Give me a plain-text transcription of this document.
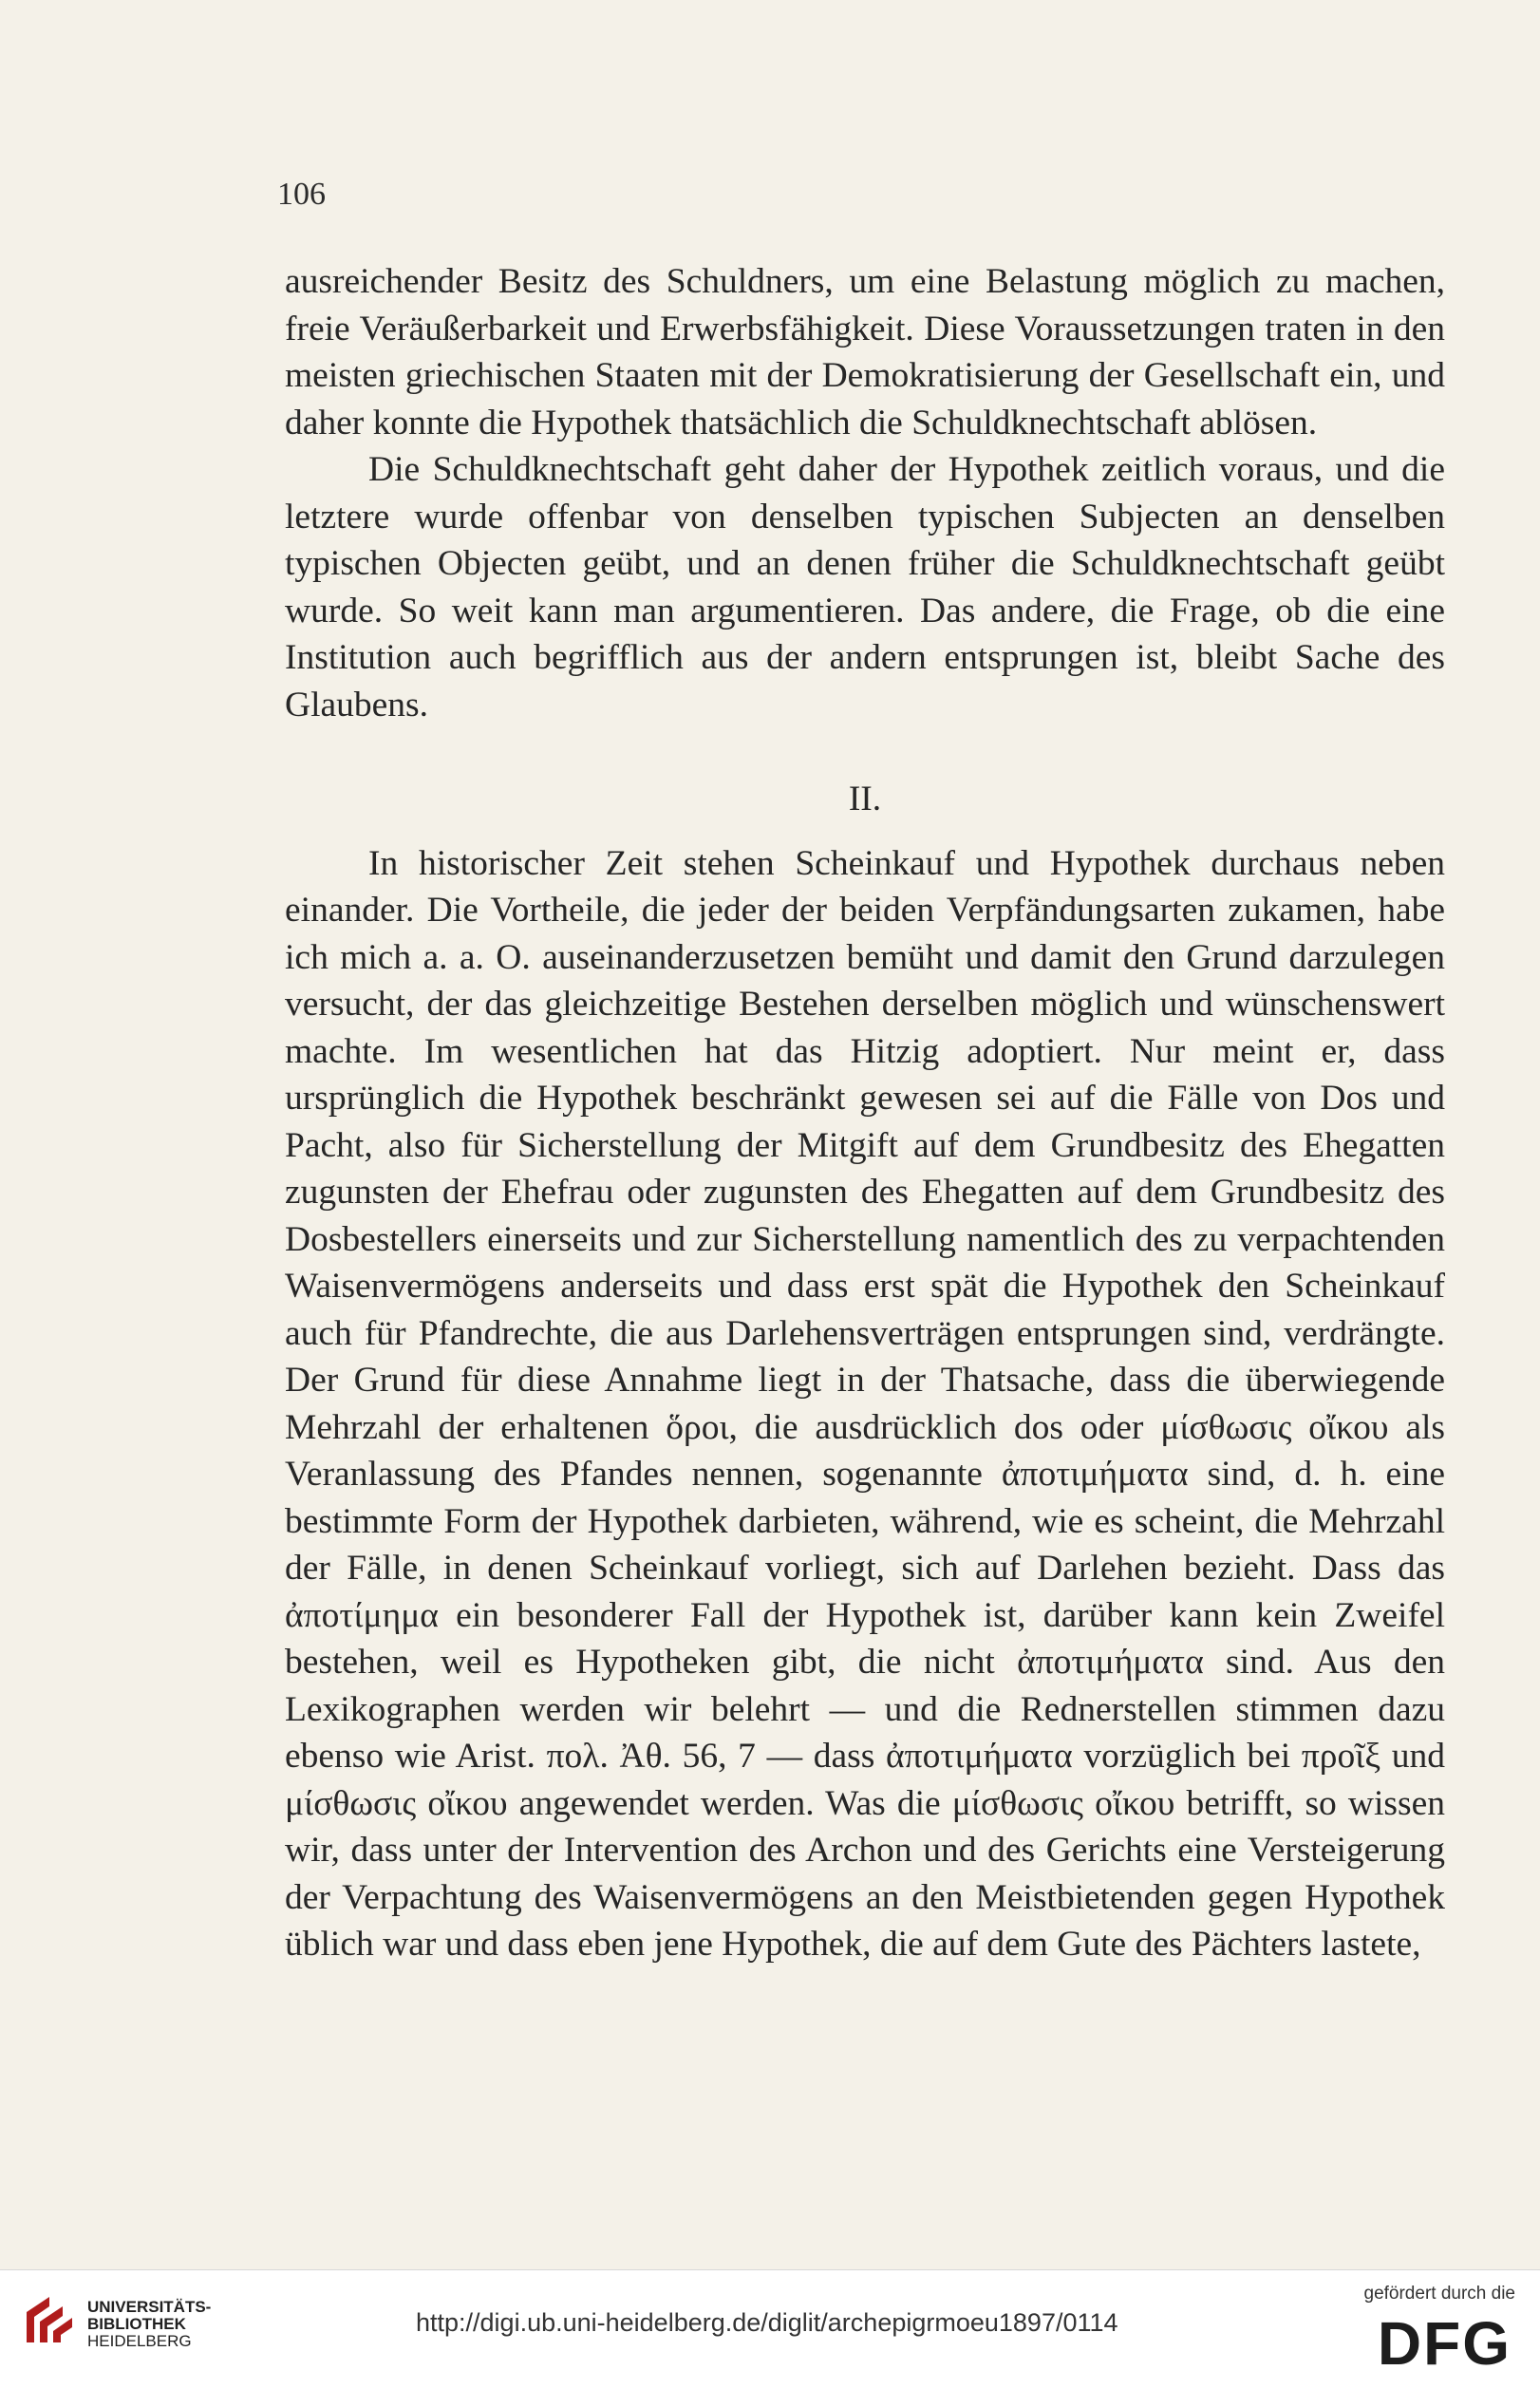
106

ausreichender Besitz des Schuldners, um eine Belastung möglich zu machen, freie Veräußerbarkeit und Erwerbsfähigkeit. Diese Voraussetzungen traten in den meisten griechischen Staaten mit der Demokratisierung der Gesellschaft ein, und daher konnte die Hypothek thatsächlich die Schuldknechtschaft ablösen.

Die Schuldknechtschaft geht daher der Hypothek zeitlich voraus, und die letztere wurde offenbar von denselben typischen Subjecten an denselben typischen Objecten geübt, und an denen früher die Schuldknechtschaft geübt wurde. So weit kann man argumentieren. Das andere, die Frage, ob die eine Institution auch begrifflich aus der andern entsprungen ist, bleibt Sache des Glaubens.

II.

In historischer Zeit stehen Scheinkauf und Hypothek durchaus neben einander. Die Vortheile, die jeder der beiden Verpfändungsarten zukamen, habe ich mich a. a. O. auseinanderzusetzen bemüht und damit den Grund darzulegen versucht, der das gleichzeitige Bestehen derselben möglich und wünschenswert machte. Im wesentlichen hat das Hitzig adoptiert. Nur meint er, dass ursprünglich die Hypothek beschränkt gewesen sei auf die Fälle von Dos und Pacht, also für Sicherstellung der Mitgift auf dem Grundbesitz des Ehegatten zugunsten der Ehefrau oder zugunsten des Ehegatten auf dem Grundbesitz des Dosbestellers einerseits und zur Sicherstellung namentlich des zu verpachtenden Waisenvermögens anderseits und dass erst spät die Hypothek den Scheinkauf auch für Pfandrechte, die aus Darlehensverträgen entsprungen sind, verdrängte. Der Grund für diese Annahme liegt in der Thatsache, dass die überwiegende Mehrzahl der erhaltenen ὅροι, die ausdrücklich dos oder μίσθωσις οἴκου als Veranlassung des Pfandes nennen, sogenannte ἀποτιμήματα sind, d. h. eine bestimmte Form der Hypothek darbieten, während, wie es scheint, die Mehrzahl der Fälle, in denen Scheinkauf vorliegt, sich auf Darlehen bezieht. Dass das ἀποτίμημα ein besonderer Fall der Hypothek ist, darüber kann kein Zweifel bestehen, weil es Hypotheken gibt, die nicht ἀποτιμήματα sind. Aus den Lexikographen werden wir belehrt — und die Rednerstellen stimmen dazu ebenso wie Arist. πολ. Ἀθ. 56, 7 — dass ἀποτιμήματα vorzüglich bei προῖξ und μίσθωσις οἴκου angewendet werden. Was die μίσθωσις οἴκου betrifft, so wissen wir, dass unter der Intervention des Archon und des Gerichts eine Versteigerung der Verpachtung des Waisenvermögens an den Meistbietenden gegen Hypothek üblich war und dass eben jene Hypothek, die auf dem Gute des Pächters lastete,

UNIVERSITÄTS-
BIBLIOTHEK
HEIDELBERG
http://digi.ub.uni-heidelberg.de/diglit/archepigrmoeu1897/0114
gefördert durch die
DFG
